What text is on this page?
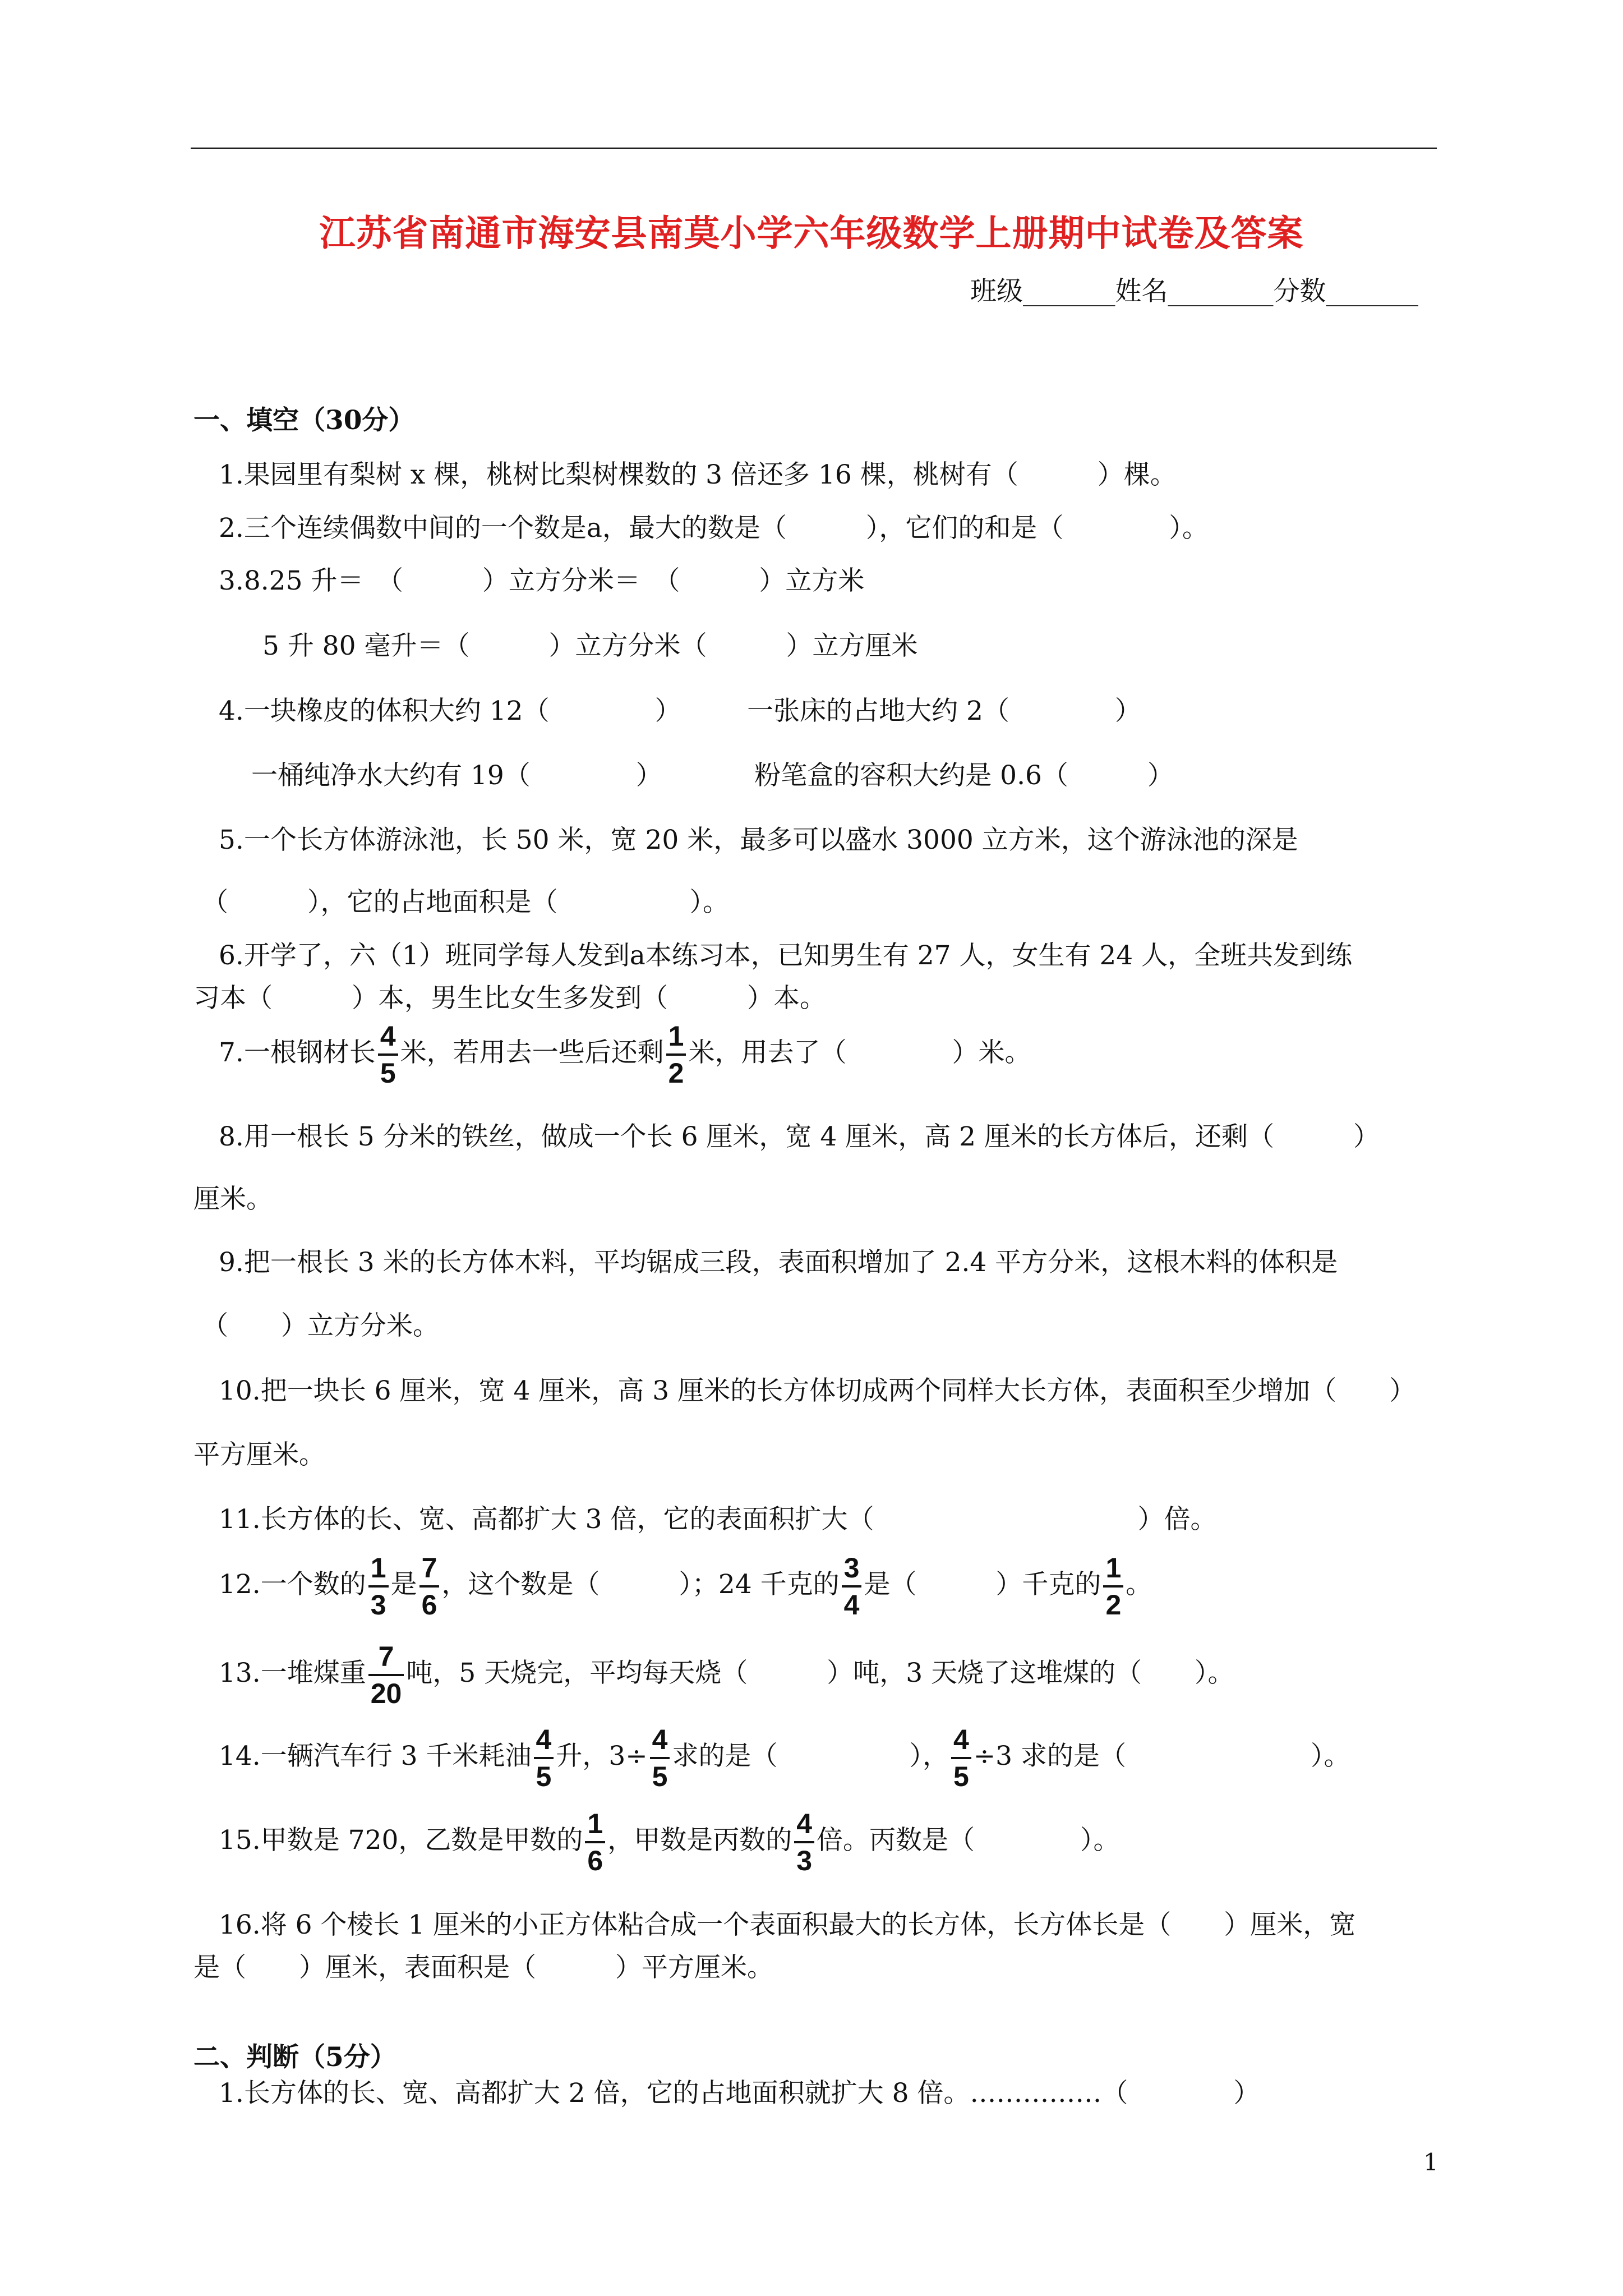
江苏省南通市海安县南莫小学六年级数学上册期中试卷及答案
班级_______姓名________分数_______
一、填空（30分）
1.果园里有梨树 x 棵，桃树比梨树棵数的 3 倍还多 16 棵，桃树有（　　　）棵。
2.三个连续偶数中间的一个数是a，最大的数是（　　　），它们的和是（　　　　）。
3.8.25 升＝　（　　　）立方分米＝　（　　　）立方米
5 升 80 毫升＝（　　　）立方分米（　　　）立方厘米
4.一块橡皮的体积大约 12（　　　　）　　　一张床的占地大约 2（　　　　）
一桶纯净水大约有 19（　　　　）　　　　粉笔盒的容积大约是 0.6（　　　）
5.一个长方体游泳池，长 50 米，宽 20 米，最多可以盛水 3000 立方米，这个游泳池的深是
（　　　），它的占地面积是（　　　　　）。
6.开学了，六（1）班同学每人发到a本练习本，已知男生有 27 人，女生有 24 人，全班共发到练
习本（　　　）本，男生比女生多发到（　　　）本。
7.一根钢材长 $\frac{4}{5}$ 米，若用去一些后还剩 $\frac{1}{2}$ 米，用去了（　　　　）米。
8.用一根长 5 分米的铁丝，做成一个长 6 厘米，宽 4 厘米，高 2 厘米的长方体后，还剩（　　　）
厘米。
9.把一根长 3 米的长方体木料，平均锯成三段，表面积增加了 2.4 平方分米，这根木料的体积是
（　　）立方分米。
10.把一块长 6 厘米，宽 4 厘米，高 3 厘米的长方体切成两个同样大长方体，表面积至少增加（　　）
平方厘米。
11.长方体的长、宽、高都扩大 3 倍，它的表面积扩大（　　　　　　　　　　）倍。
12.一个数的 $\frac{1}{3}$ 是 $\frac{7}{6}$ ，这个数是（　　　）；24 千克的 $\frac{3}{4}$ 是（　　　）千克的 $\frac{1}{2}$ 。
13.一堆煤重 $\frac{7}{20}$ 吨，5 天烧完，平均每天烧（　　　）吨，3 天烧了这堆煤的（　　）。
14.一辆汽车行 3 千米耗油 $\frac{4}{5}$ 升，$3\div \frac{4}{5}$ 求的是（　　　　　）， $\frac{4}{5} \div 3$ 求的是（　　　　　　　）。
15.甲数是 720，乙数是甲数的 $\frac{1}{6}$ ，甲数是丙数的 $\frac{4}{3}$ 倍。丙数是（　　　　）。
16.将 6 个棱长 1 厘米的小正方体粘合成一个表面积最大的长方体，长方体长是（　　）厘米，宽
是（　　）厘米，表面积是（　　　）平方厘米。
二、判断（5分）
1.长方体的长、宽、高都扩大 2 倍，它的占地面积就扩大 8 倍。……………（　　　　）
1
